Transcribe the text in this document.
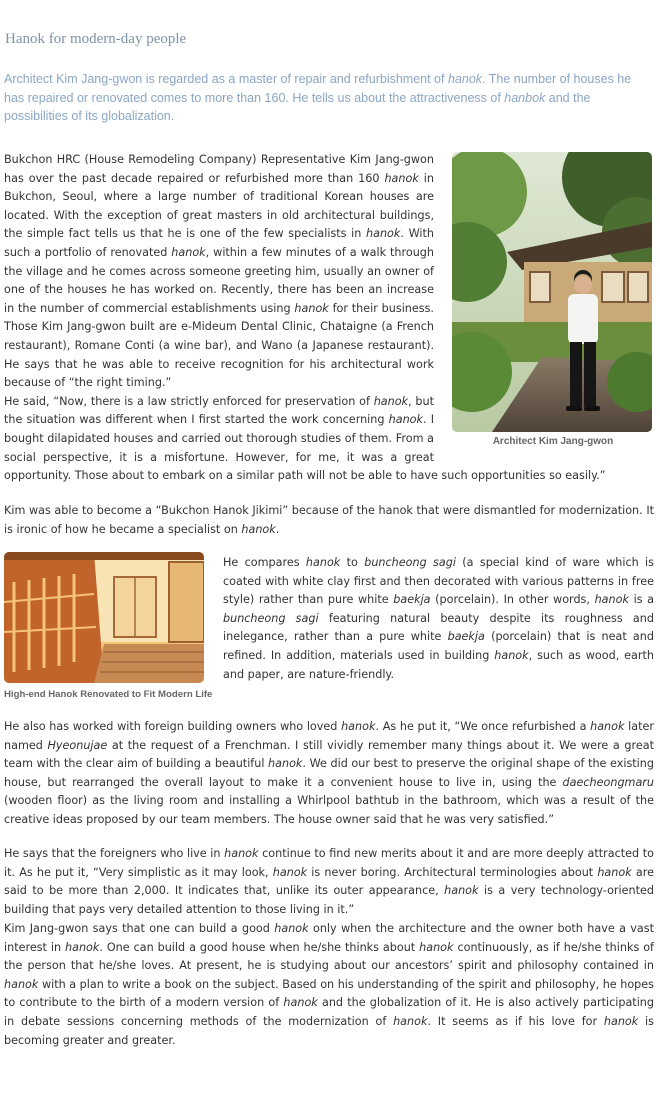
Hanok for modern-day people

Architect Kim Jang-gwon is regarded as a master of repair and refurbishment of hanok. The number of houses he has repaired or renovated comes to more than 160. He tells us about the attractiveness of hanbok and the possibilities of its globalization.

Architect Kim Jang-gwon

Bukchon HRC (House Remodeling Company) Representative Kim Jang-gwon has over the past decade repaired or refurbished more than 160 hanok in Bukchon, Seoul, where a large number of traditional Korean houses are located. With the exception of great masters in old architectural buildings, the simple fact tells us that he is one of the few specialists in hanok. With such a portfolio of renovated hanok, within a few minutes of a walk through the village and he comes across someone greeting him, usually an owner of one of the houses he has worked on. Recently, there has been an increase in the number of commercial establishments using hanok for their business. Those Kim Jang-gwon built are e-Mideum Dental Clinic, Chataigne (a French restaurant), Romane Conti (a wine bar), and Wano (a Japanese restaurant). He says that he was able to receive recognition for his architectural work because of “the right timing.”
He said, “Now, there is a law strictly enforced for preservation of hanok, but the situation was different when I first started the work concerning hanok. I bought dilapidated houses and carried out thorough studies of them. From a social perspective, it is a misfortune. However, for me, it was a great opportunity. Those about to embark on a similar path will not be able to have such opportunities so easily.”

Kim was able to become a “Bukchon Hanok Jikimi” because of the hanok that were dismantled for modernization. It is ironic of how he became a specialist on hanok.

High-end Hanok Renovated to Fit Modern Life

He compares hanok to buncheong sagi (a special kind of ware which is coated with white clay first and then decorated with various patterns in free style) rather than pure white baekja (porcelain). In other words, hanok is a buncheong sagi featuring natural beauty despite its roughness and inelegance, rather than a pure white baekja (porcelain) that is neat and refined. In addition, materials used in building hanok, such as wood, earth and paper, are nature-friendly.

He also has worked with foreign building owners who loved hanok. As he put it, “We once refurbished a hanok later named Hyeonujae at the request of a Frenchman. I still vividly remember many things about it. We were a great team with the clear aim of building a beautiful hanok. We did our best to preserve the original shape of the existing house, but rearranged the overall layout to make it a convenient house to live in, using the daecheongmaru (wooden floor) as the living room and installing a Whirlpool bathtub in the bathroom, which was a result of the creative ideas proposed by our team members. The house owner said that he was very satisfied.”

He says that the foreigners who live in hanok continue to find new merits about it and are more deeply attracted to it. As he put it, “Very simplistic as it may look, hanok is never boring. Architectural terminologies about hanok are said to be more than 2,000. It indicates that, unlike its outer appearance, hanok is a very technology-oriented building that pays very detailed attention to those living in it.”

Kim Jang-gwon says that one can build a good hanok only when the architecture and the owner both have a vast interest in hanok. One can build a good house when he/she thinks about hanok continuously, as if he/she thinks of the person that he/she loves. At present, he is studying about our ancestors’ spirit and philosophy contained in hanok with a plan to write a book on the subject. Based on his understanding of the spirit and philosophy, he hopes to contribute to the birth of a modern version of hanok and the globalization of it. He is also actively participating in debate sessions concerning methods of the modernization of hanok. It seems as if his love for hanok is becoming greater and greater.
